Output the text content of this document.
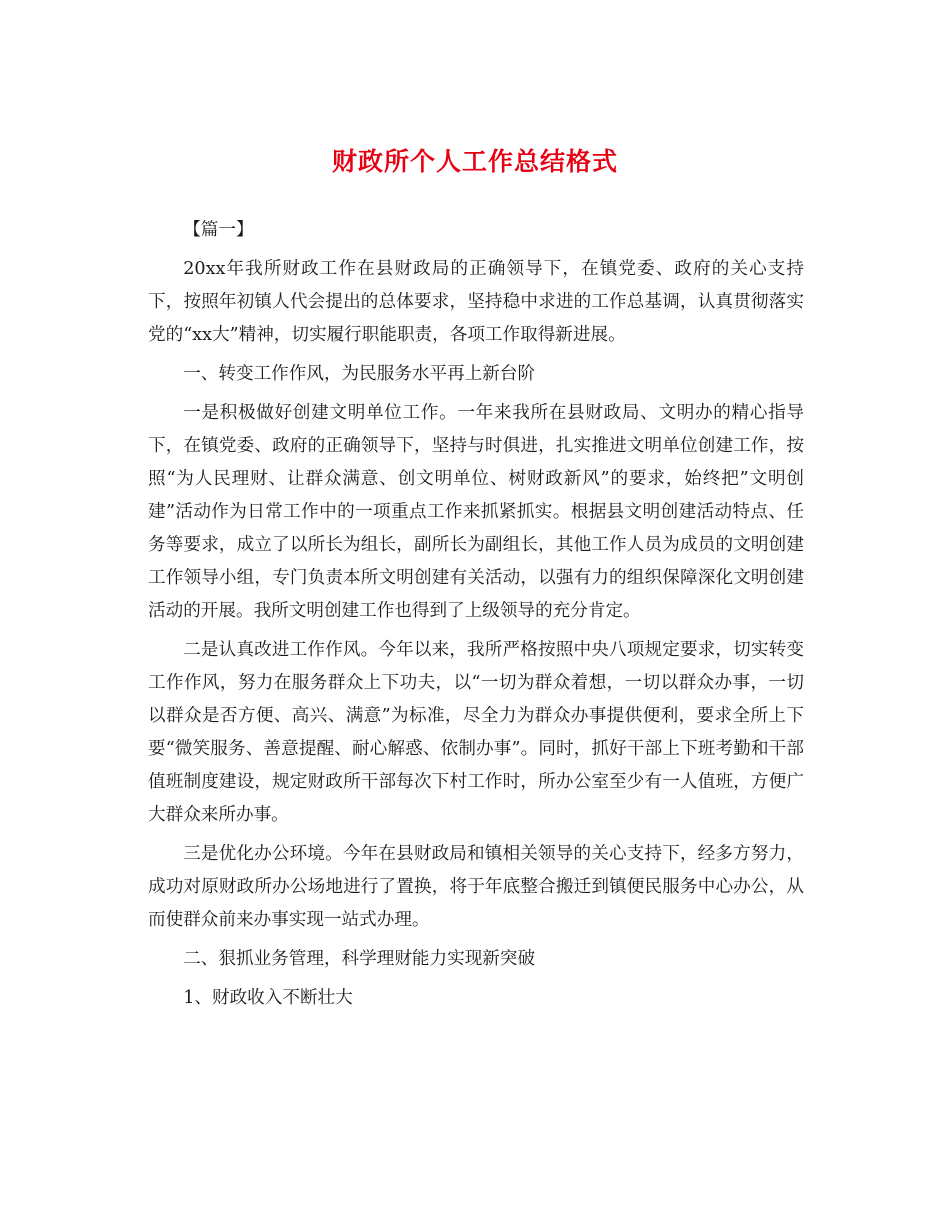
财政所个人工作总结格式

【篇一】

20xx年我所财政工作在县财政局的正确领导下，在镇党委、政府的关心支持下，按照年初镇人代会提出的总体要求，坚持稳中求进的工作总基调，认真贯彻落实党的“xx大”精神，切实履行职能职责，各项工作取得新进展。

一、转变工作作风，为民服务水平再上新台阶

一是积极做好创建文明单位工作。一年来我所在县财政局、文明办的精心指导下，在镇党委、政府的正确领导下，坚持与时俱进，扎实推进文明单位创建工作，按照“为人民理财、让群众满意、创文明单位、树财政新风”的要求，始终把”文明创建”活动作为日常工作中的一项重点工作来抓紧抓实。根据县文明创建活动特点、任务等要求，成立了以所长为组长，副所长为副组长，其他工作人员为成员的文明创建工作领导小组，专门负责本所文明创建有关活动，以强有力的组织保障深化文明创建活动的开展。我所文明创建工作也得到了上级领导的充分肯定。

二是认真改进工作作风。今年以来，我所严格按照中央八项规定要求，切实转变工作作风，努力在服务群众上下功夫，以“一切为群众着想，一切以群众办事，一切以群众是否方便、高兴、满意”为标准，尽全力为群众办事提供便利，要求全所上下要“微笑服务、善意提醒、耐心解惑、依制办事”。同时，抓好干部上下班考勤和干部值班制度建设，规定财政所干部每次下村工作时，所办公室至少有一人值班，方便广大群众来所办事。

三是优化办公环境。今年在县财政局和镇相关领导的关心支持下，经多方努力，成功对原财政所办公场地进行了置换，将于年底整合搬迁到镇便民服务中心办公，从而使群众前来办事实现一站式办理。

二、狠抓业务管理，科学理财能力实现新突破

1、财政收入不断壮大
